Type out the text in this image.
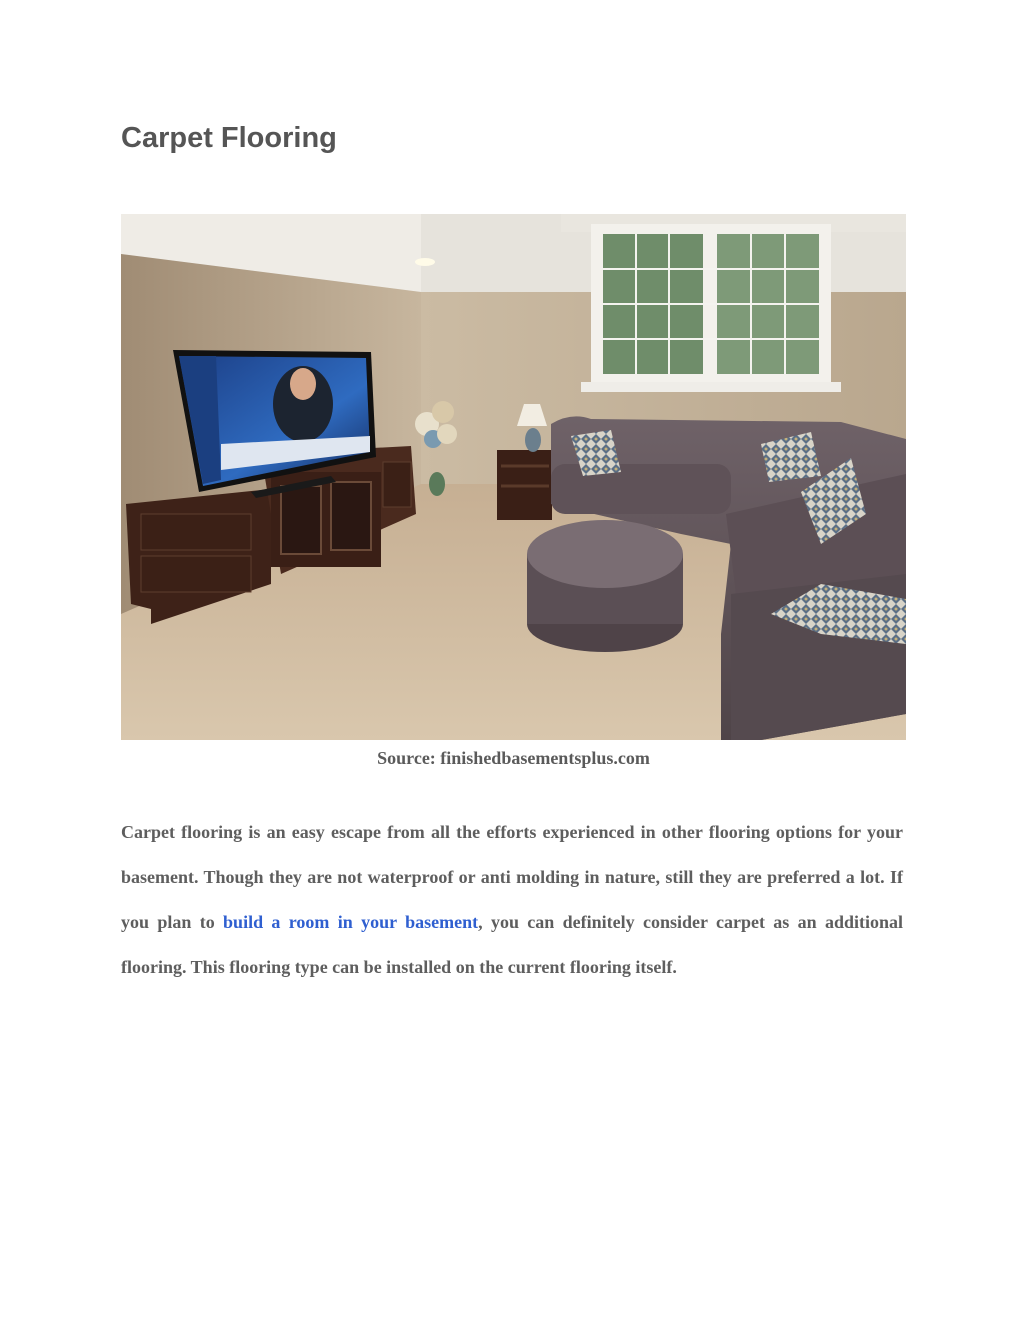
Carpet Flooring
Source: finishedbasementsplus.com

Carpet flooring is an easy escape from all the efforts experienced in other flooring options for your basement. Though they are not waterproof or anti molding in nature, still they are preferred a lot. If you plan to build a room in your basement, you can definitely consider carpet as an additional flooring. This flooring type can be installed on the current flooring itself.
